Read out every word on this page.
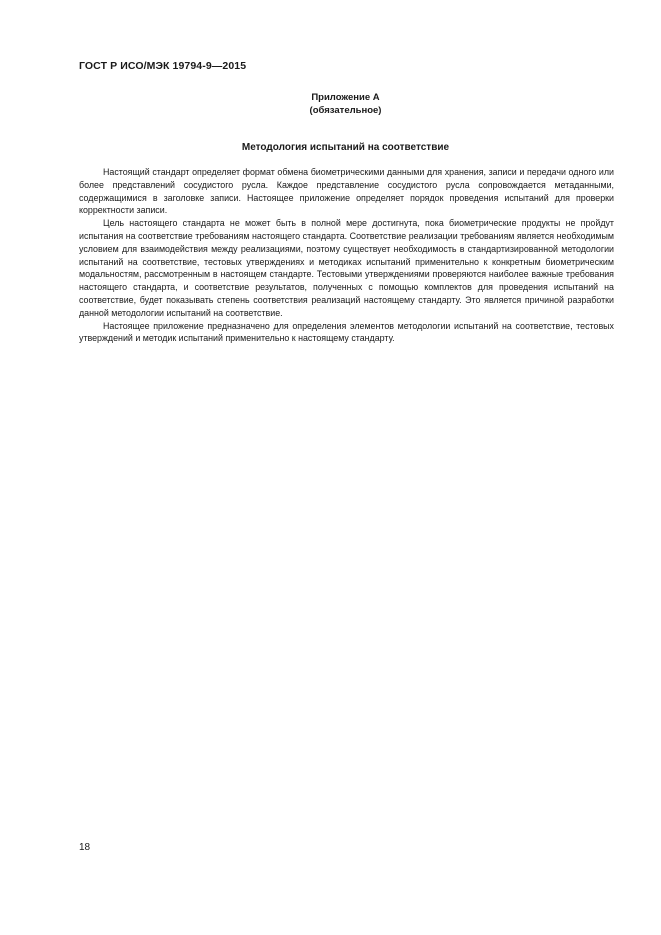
ГОСТ Р ИСО/МЭК 19794-9—2015
Приложение А
(обязательное)
Методология испытаний на соответствие

Настоящий стандарт определяет формат обмена биометрическими данными для хранения, записи и передачи одного или более представлений сосудистого русла. Каждое представление сосудистого русла сопровождается метаданными, содержащимися в заголовке записи. Настоящее приложение определяет порядок проведения испытаний для проверки корректности записи.

Цель настоящего стандарта не может быть в полной мере достигнута, пока биометрические продукты не пройдут испытания на соответствие требованиям настоящего стандарта. Соответствие реализации требованиям является необходимым условием для взаимодействия между реализациями, поэтому существует необходимость в стандартизированной методологии испытаний на соответствие, тестовых утверждениях и методиках испытаний применительно к конкретным биометрическим модальностям, рассмотренным в настоящем стандарте. Тестовыми утверждениями проверяются наиболее важные требования настоящего стандарта, и соответствие результатов, полученных с помощью комплектов для проведения испытаний на соответствие, будет показывать степень соответствия реализаций настоящему стандарту. Это является причиной разработки данной методологии испытаний на соответствие.

Настоящее приложение предназначено для определения элементов методологии испытаний на соответствие, тестовых утверждений и методик испытаний применительно к настоящему стандарту.

18
